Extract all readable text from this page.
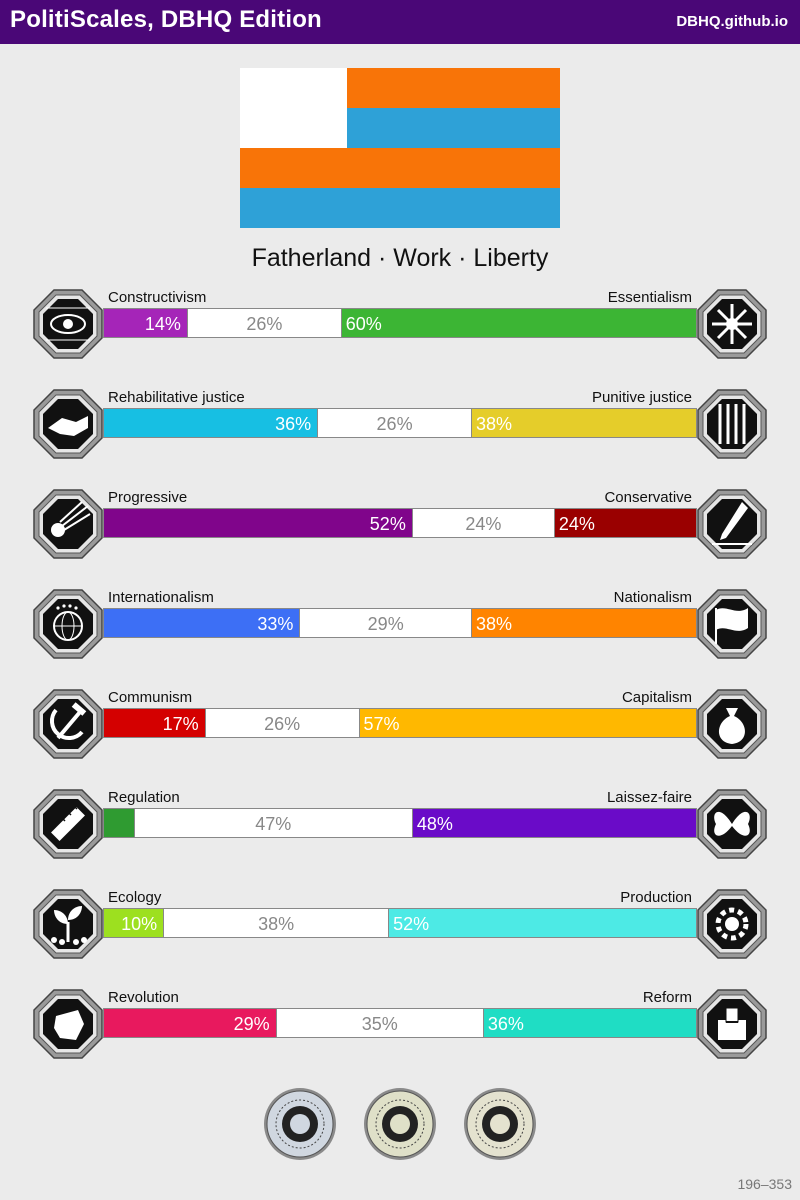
PolitiScales, DBHQ Edition	DBHQ.github.io
Fatherland · Work · Liberty
Constructivism	Essentialism
14%	26%	60%
Rehabilitative justice	Punitive justice
36%	26%	38%
Progressive	Conservative
52%	24%	24%
Internationalism	Nationalism
33%	29%	38%
Communism	Capitalism
17%	26%	57%
Regulation	Laissez-faire
47%	48%
Ecology	Production
10%	38%	52%
Revolution	Reform
29%	35%	36%
196–353
